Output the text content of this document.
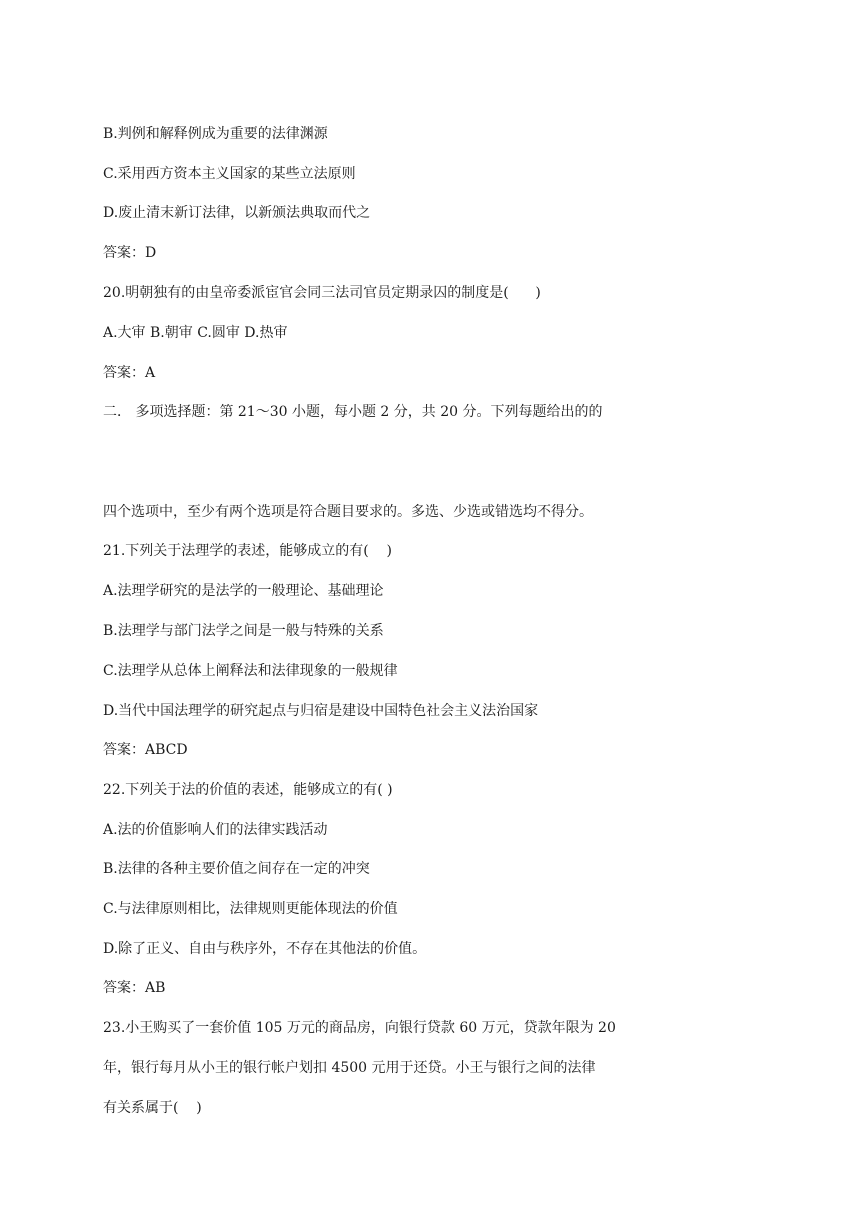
B.判例和解释例成为重要的法律渊源
C.采用西方资本主义国家的某些立法原则
D.废止清末新订法律，以新颁法典取而代之
答案：D
20.明朝独有的由皇帝委派宦官会同三法司官员定期录囚的制度是(      )
A.大审 B.朝审 C.圆审 D.热审
答案：A
二． 多项选择题：第 21～30 小题，每小题 2 分，共 20 分。下列每题给出的的
四个选项中，至少有两个选项是符合题目要求的。多选、少选或错选均不得分。
21.下列关于法理学的表述，能够成立的有(    )
A.法理学研究的是法学的一般理论、基础理论
B.法理学与部门法学之间是一般与特殊的关系
C.法理学从总体上阐释法和法律现象的一般规律
D.当代中国法理学的研究起点与归宿是建设中国特色社会主义法治国家
答案：ABCD
22.下列关于法的价值的表述，能够成立的有( )
A.法的价值影响人们的法律实践活动
B.法律的各种主要价值之间存在一定的冲突
C.与法律原则相比，法律规则更能体现法的价值
D.除了正义、自由与秩序外，不存在其他法的价值。
答案：AB
23.小王购买了一套价值 105 万元的商品房，向银行贷款 60 万元，贷款年限为 20
年，银行每月从小王的银行帐户划扣 4500 元用于还贷。小王与银行之间的法律
有关系属于(    )
